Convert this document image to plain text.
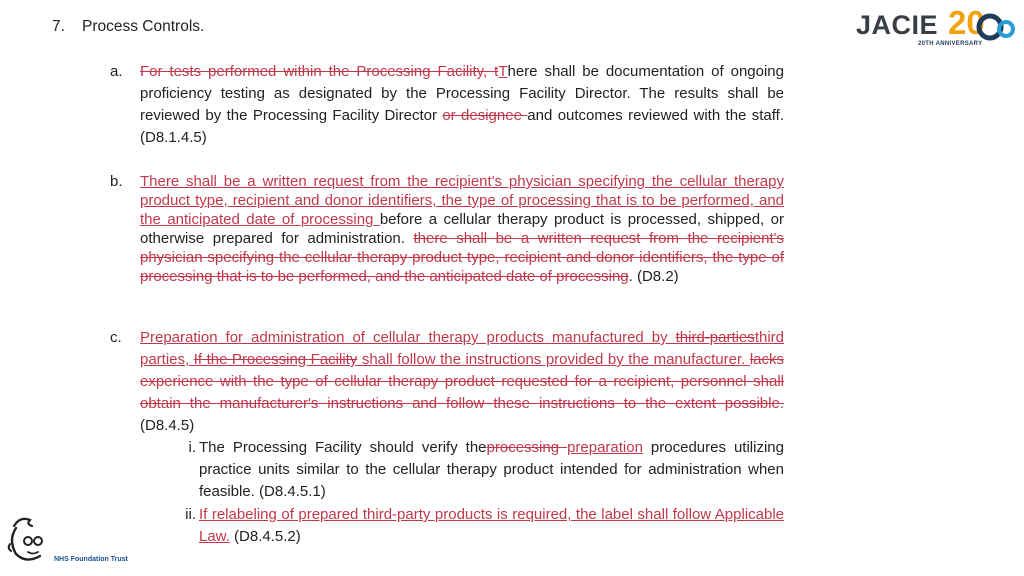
7. Process Controls.	JACIE 20
20TH ANNIVERSARY
a. For tests performed within the Processing Facility, tThere shall be documentation of ongoing proficiency testing as designated by the Processing Facility Director. The results shall be reviewed by the Processing Facility Director or designee and outcomes reviewed with the staff. (D8.1.4.5)
b. There shall be a written request from the recipient's physician specifying the cellular therapy product type, recipient and donor identifiers, the type of processing that is to be performed, and the anticipated date of processing before a cellular therapy product is processed, shipped, or otherwise prepared for administration. there shall be a written request from the recipient's physician specifying the cellular therapy product type, recipient and donor identifiers, the type of processing that is to be performed, and the anticipated date of processing. (D8.2)
c. Preparation for administration of cellular therapy products manufactured by third-partiesthird parties, If the Processing Facility shall follow the instructions provided by the manufacturer. lacks experience with the type of cellular therapy product requested for a recipient, personnel shall obtain the manufacturer's instructions and follow these instructions to the extent possible. (D8.4.5)
i. The Processing Facility should verify theprocessing preparation procedures utilizing practice units similar to the cellular therapy product intended for administration when feasible. (D8.4.5.1)
ii. If relabeling of prepared third-party products is required, the label shall follow Applicable Law. (D8.4.5.2)
NHS Foundation Trust
